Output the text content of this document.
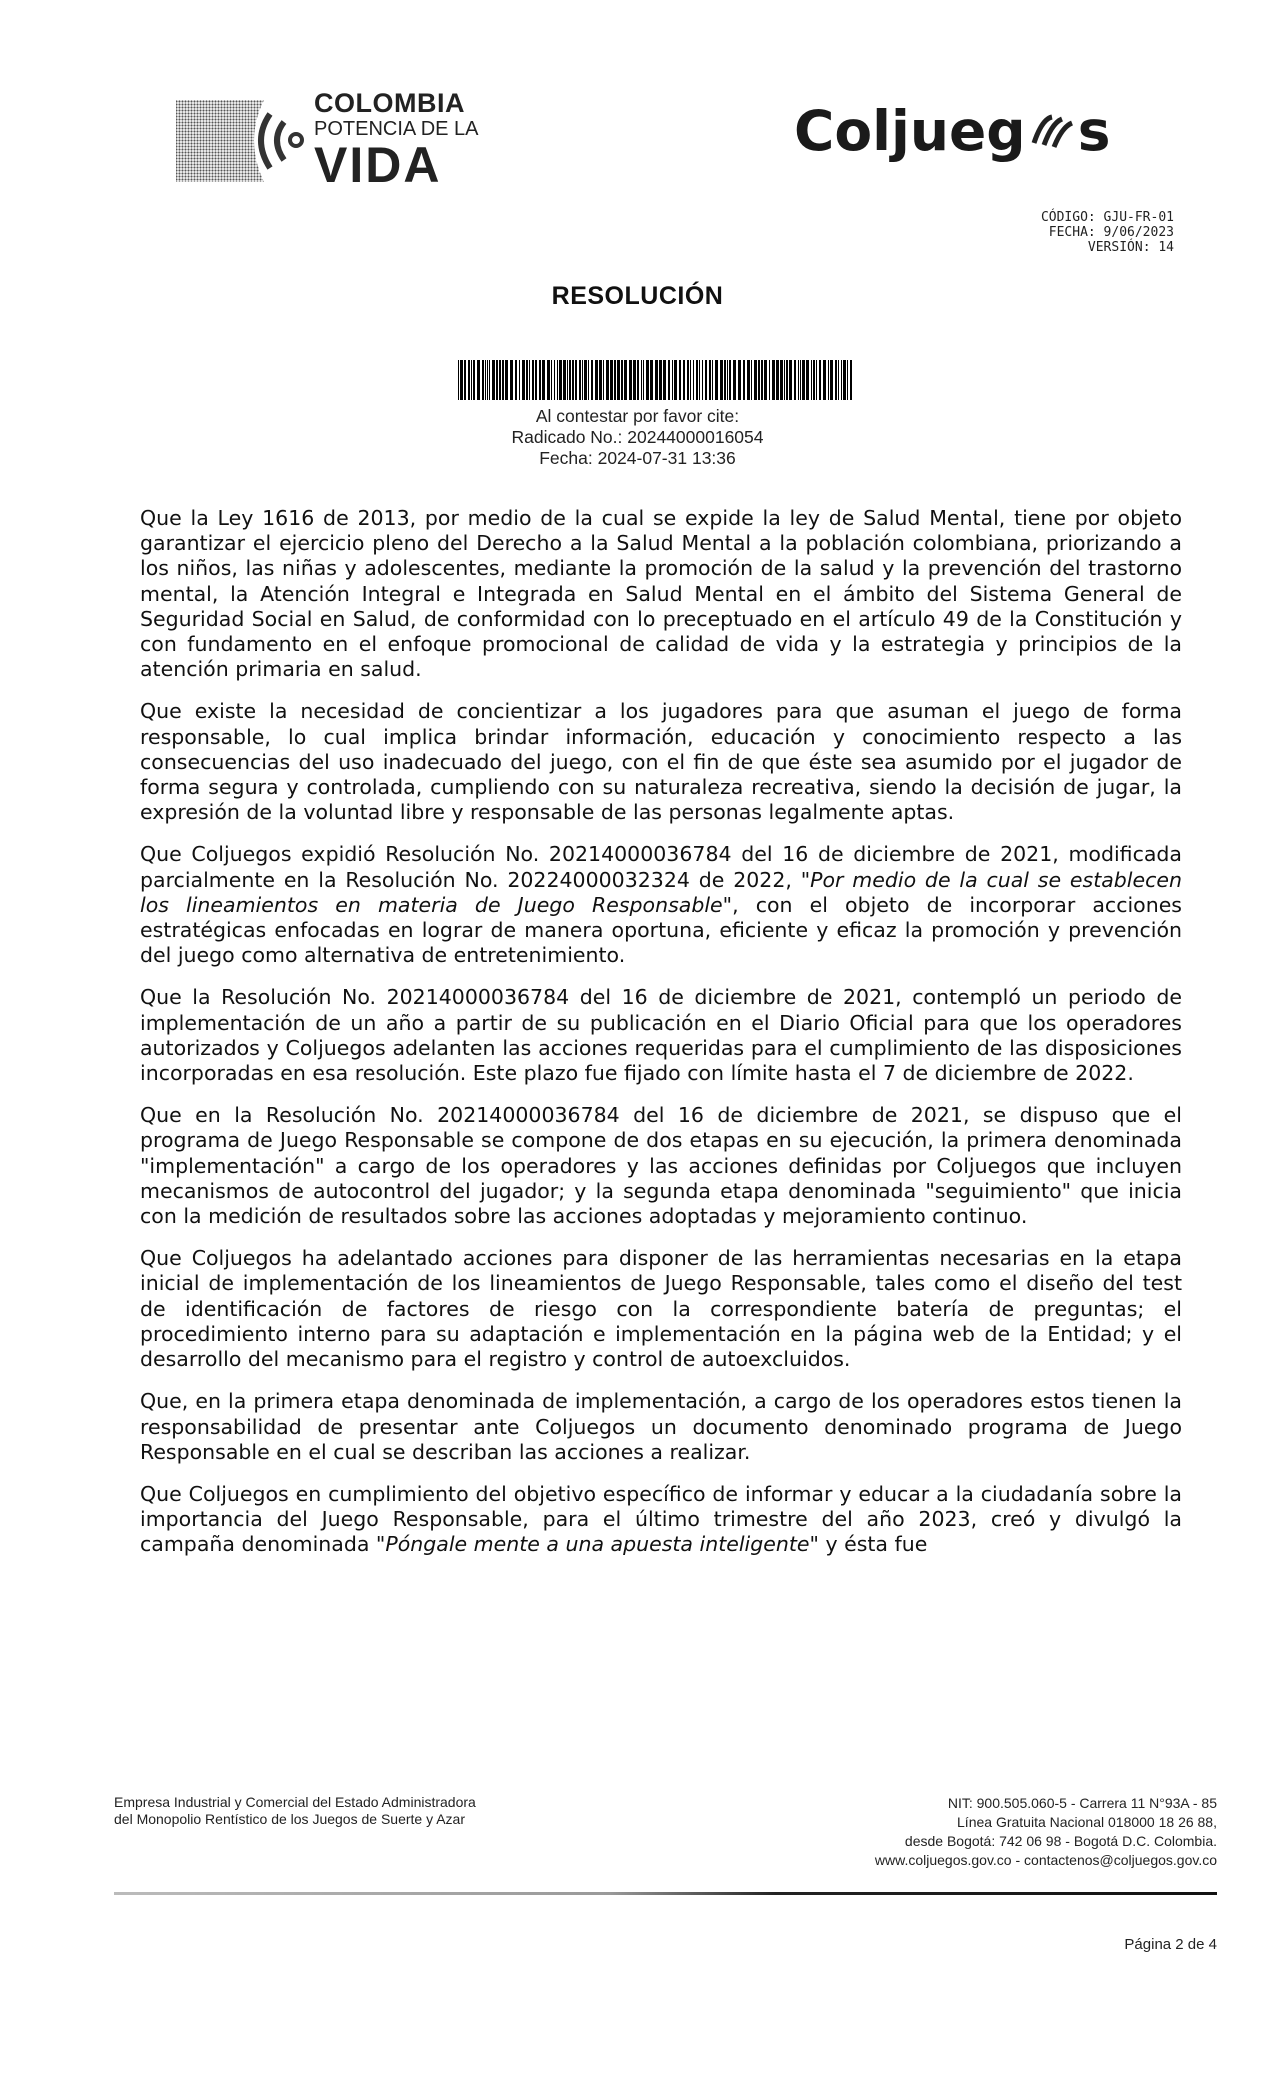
COLOMBIA
POTENCIA DE LA
VIDA
Coljueg s
CÓDIGO: GJU-FR-01
FECHA: 9/06/2023
VERSIÓN: 14
RESOLUCIÓN
Al contestar por favor cite:
Radicado No.: 20244000016054
Fecha: 2024-07-31 13:36

Que la Ley 1616 de 2013, por medio de la cual se expide la ley de Salud Mental, tiene por objeto garantizar el ejercicio pleno del Derecho a la Salud Mental a la población colombiana, priorizando a los niños, las niñas y adolescentes, mediante la promoción de la salud y la prevención del trastorno mental, la Atención Integral e Integrada en Salud Mental en el ámbito del Sistema General de Seguridad Social en Salud, de conformidad con lo preceptuado en el artículo 49 de la Constitución y con fundamento en el enfoque promocional de calidad de vida y la estrategia y principios de la atención primaria en salud.

Que existe la necesidad de concientizar a los jugadores para que asuman el juego de forma responsable, lo cual implica brindar información, educación y conocimiento respecto a las consecuencias del uso inadecuado del juego, con el fin de que éste sea asumido por el jugador de forma segura y controlada, cumpliendo con su naturaleza recreativa, siendo la decisión de jugar, la expresión de la voluntad libre y responsable de las personas legalmente aptas.

Que Coljuegos expidió Resolución No. 20214000036784 del 16 de diciembre de 2021, modificada parcialmente en la Resolución No. 20224000032324 de 2022, "Por medio de la cual se establecen los lineamientos en materia de Juego Responsable", con el objeto de incorporar acciones estratégicas enfocadas en lograr de manera oportuna, eficiente y eficaz la promoción y prevención del juego como alternativa de entretenimiento.

Que la Resolución No. 20214000036784 del 16 de diciembre de 2021, contempló un periodo de implementación de un año a partir de su publicación en el Diario Oficial para que los operadores autorizados y Coljuegos adelanten las acciones requeridas para el cumplimiento de las disposiciones incorporadas en esa resolución. Este plazo fue fijado con límite hasta el 7 de diciembre de 2022.

Que en la Resolución No. 20214000036784 del 16 de diciembre de 2021, se dispuso que el programa de Juego Responsable se compone de dos etapas en su ejecución, la primera denominada "implementación" a cargo de los operadores y las acciones definidas por Coljuegos que incluyen mecanismos de autocontrol del jugador; y la segunda etapa denominada "seguimiento" que inicia con la medición de resultados sobre las acciones adoptadas y mejoramiento continuo.

Que Coljuegos ha adelantado acciones para disponer de las herramientas necesarias en la etapa inicial de implementación de los lineamientos de Juego Responsable, tales como el diseño del test de identificación de factores de riesgo con la correspondiente batería de preguntas; el procedimiento interno para su adaptación e implementación en la página web de la Entidad; y el desarrollo del mecanismo para el registro y control de autoexcluidos.

Que, en la primera etapa denominada de implementación, a cargo de los operadores estos tienen la responsabilidad de presentar ante Coljuegos un documento denominado programa de Juego Responsable en el cual se describan las acciones a realizar.

Que Coljuegos en cumplimiento del objetivo específico de informar y educar a la ciudadanía sobre la importancia del Juego Responsable, para el último trimestre del año 2023, creó y divulgó la campaña denominada "Póngale mente a una apuesta inteligente" y ésta fue

Empresa Industrial y Comercial del Estado Administradora
del Monopolio Rentístico de los Juegos de Suerte y Azar
NIT: 900.505.060-5 - Carrera 11 N°93A - 85
Línea Gratuita Nacional 018000 18 26 88,
desde Bogotá: 742 06 98 - Bogotá D.C. Colombia.
www.coljuegos.gov.co - contactenos@coljuegos.gov.co
Página 2 de 4
